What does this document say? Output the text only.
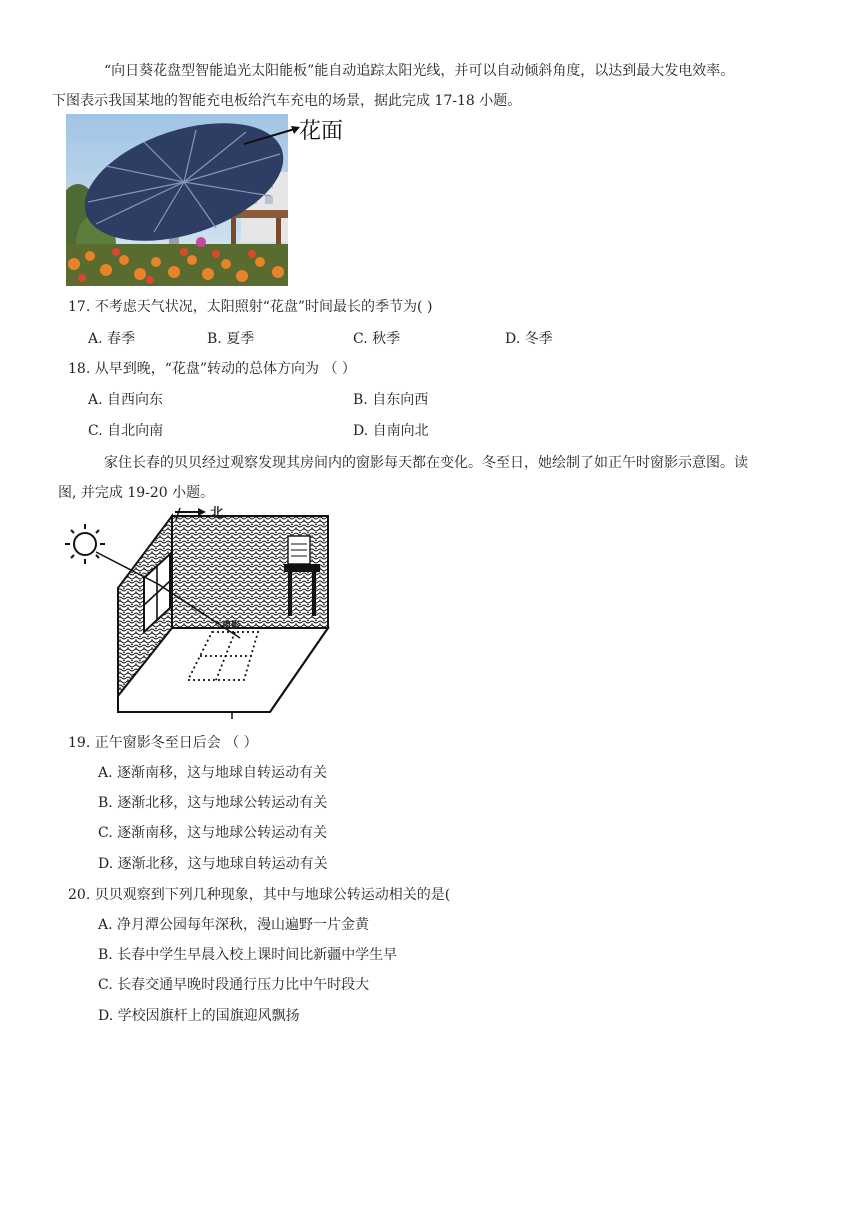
“向日葵花盘型智能追光太阳能板”能自动追踪太阳光线，并可以自动倾斜角度，以达到最大发电效率。
下图表示我国某地的智能充电板给汽车充电的场景，据此完成 17-18 小题。
花面
17. 不考虑天气状况，太阳照射“花盘”时间最长的季节为( )
A. 春季	B. 夏季	C. 秋季	D. 冬季
18. 从早到晚，“花盘”转动的总体方向为 （ ）
A. 自西向东	B. 自东向西
C. 自北向南	D. 自南向北
家住长春的贝贝经过观察发现其房间内的窗影每天都在变化。冬至日，她绘制了如正午时窗影示意图。读
图, 并完成 19-20 小题。
北
窗影
19. 正午窗影冬至日后会 （ ）
A. 逐渐南移，这与地球自转运动有关
B. 逐渐北移，这与地球公转运动有关
C. 逐渐南移，这与地球公转运动有关
D. 逐渐北移，这与地球自转运动有关
20. 贝贝观察到下列几种现象，其中与地球公转运动相关的是(
A. 净月潭公园每年深秋，漫山遍野一片金黄
B. 长春中学生早晨入校上课时间比新疆中学生早
C. 长春交通早晚时段通行压力比中午时段大
D. 学校因旗杆上的国旗迎风飘扬
